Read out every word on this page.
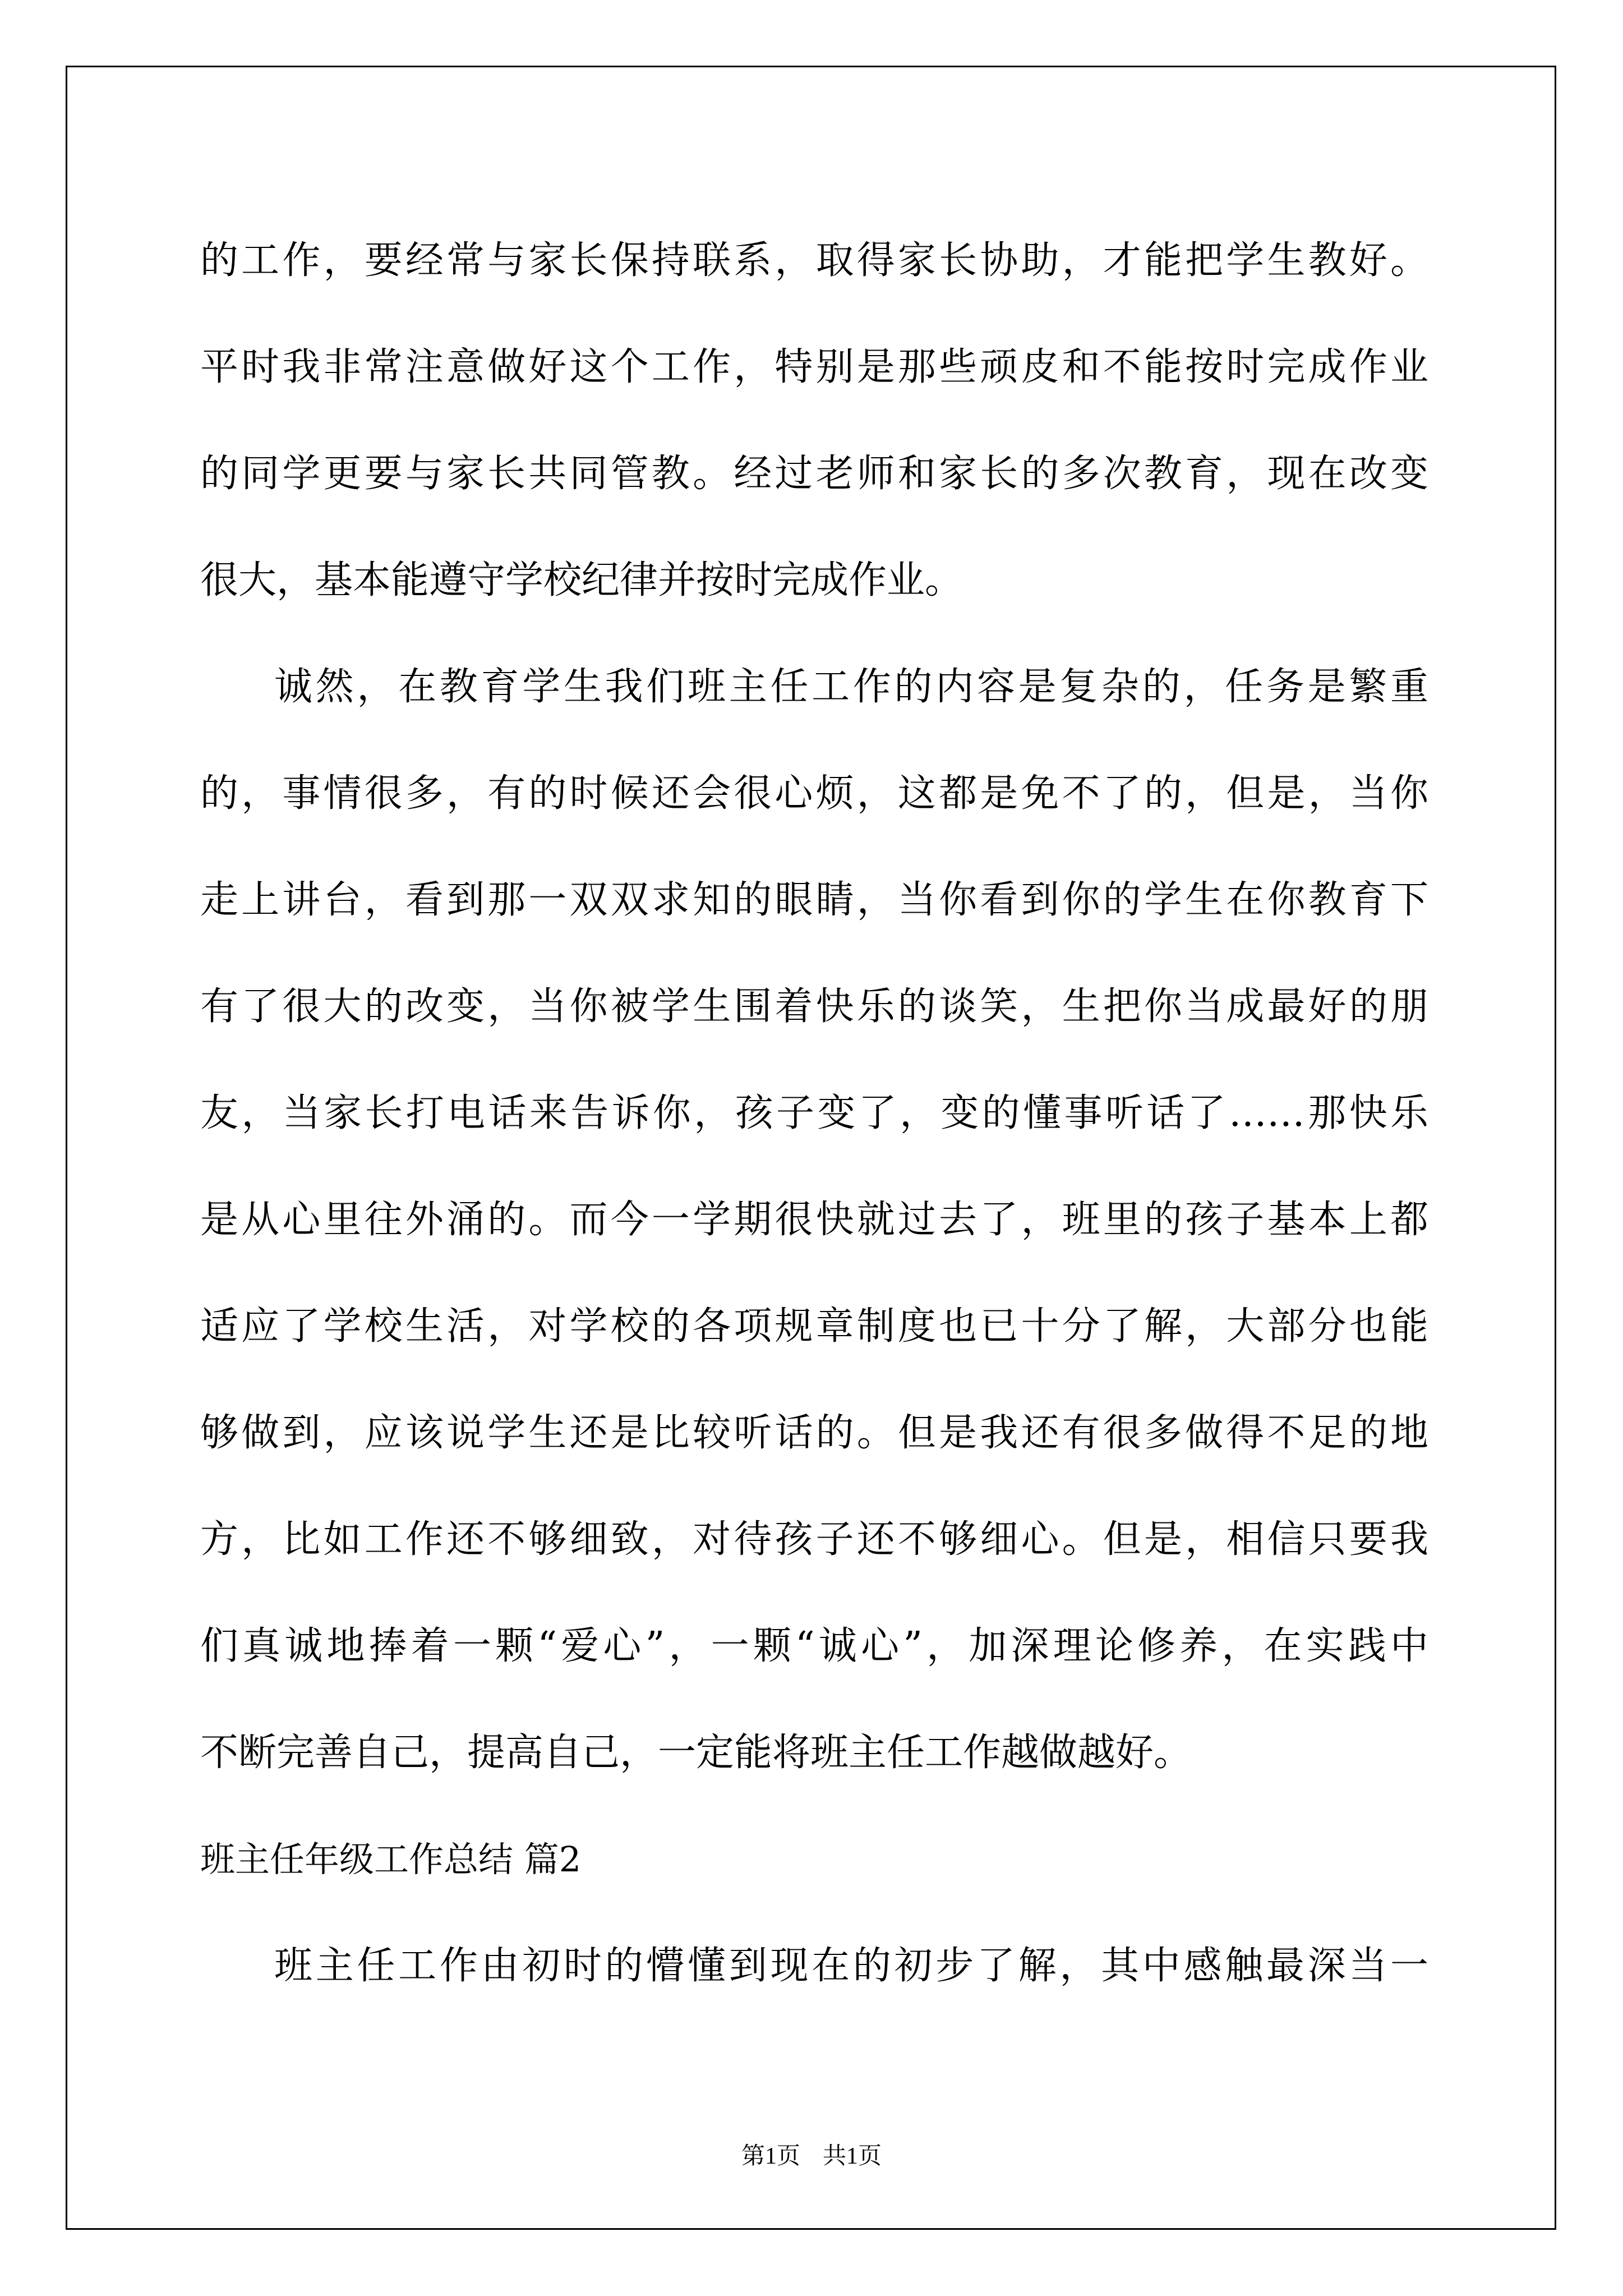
的工作，要经常与家长保持联系，取得家长协助，才能把学生教好。
平时我非常注意做好这个工作，特别是那些顽皮和不能按时完成作业
的同学更要与家长共同管教。经过老师和家长的多次教育，现在改变
很大，基本能遵守学校纪律并按时完成作业。
诚然，在教育学生我们班主任工作的内容是复杂的，任务是繁重
的，事情很多，有的时候还会很心烦，这都是免不了的，但是，当你
走上讲台，看到那一双双求知的眼睛，当你看到你的学生在你教育下
有了很大的改变，当你被学生围着快乐的谈笑，生把你当成最好的朋
友，当家长打电话来告诉你，孩子变了，变的懂事听话了……那快乐
是从心里往外涌的。而今一学期很快就过去了，班里的孩子基本上都
适应了学校生活，对学校的各项规章制度也已十分了解，大部分也能
够做到，应该说学生还是比较听话的。但是我还有很多做得不足的地
方，比如工作还不够细致，对待孩子还不够细心。但是，相信只要我
们真诚地捧着一颗“爱心”，一颗“诚心”，加深理论修养，在实践中
不断完善自己，提高自己，一定能将班主任工作越做越好。
班主任年级工作总结 篇2
班主任工作由初时的懵懂到现在的初步了解，其中感触最深当一
第1页 共1页
